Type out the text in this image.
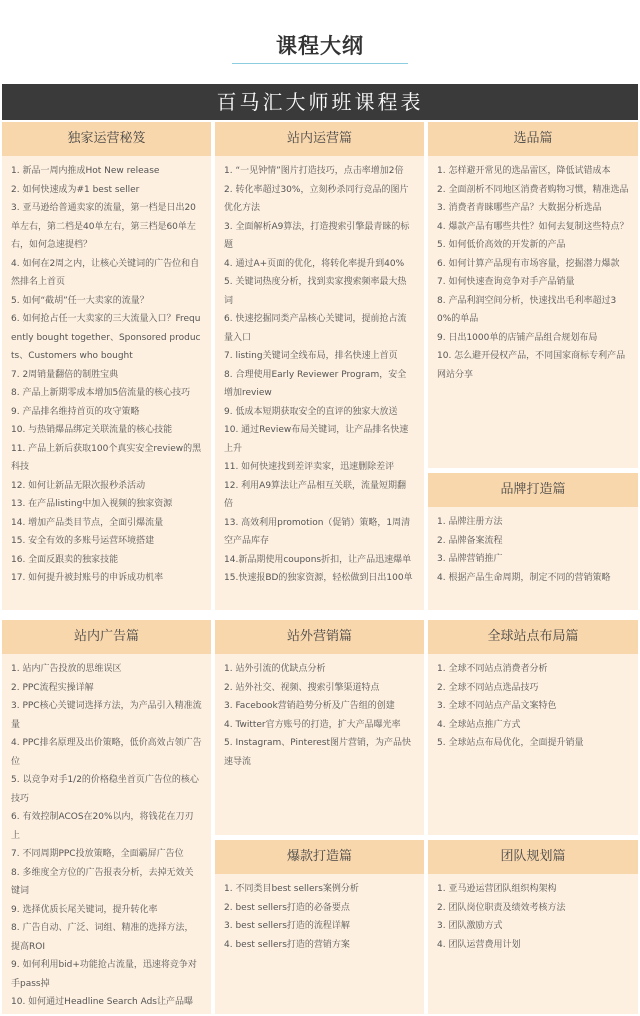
课程大纲
百马汇大师班课程表
独家运营秘笈
1. 新品一周内推成Hot New release
2. 如何快速成为#1 best seller
3. 亚马逊给普通卖家的流量，第一档是日出20单左右，第二档是40单左右，第三档是60单左右，如何急速提档？
4. 如何在2周之内，让核心关键词的广告位和自然排名上首页
5. 如何“截胡”任一大卖家的流量？
6. 如何抢占任一大卖家的三大流量入口？Frequently bought together、Sponsored products、Customers who bought
7. 2周销量翻倍的制胜宝典
8. 产品上新期零成本增加5倍流量的核心技巧
9. 产品排名维持首页的攻守策略
10. 与热销爆品绑定关联流量的核心技能
11. 产品上新后获取100个真实安全review的黑科技
12. 如何让新品无限次报秒杀活动
13. 在产品listing中加入视频的独家资源
14. 增加产品类目节点，全面引爆流量
15. 安全有效的多账号运营环境搭建
16. 全面反跟卖的独家技能
17. 如何提升被封账号的申诉成功机率
站内运营篇
1. “一见钟情”图片打造技巧，点击率增加2倍
2. 转化率超过30%，立刻秒杀同行竞品的图片优化方法
3. 全面解析A9算法，打造搜索引擎最青睐的标题
4. 通过A+页面的优化，将转化率提升到40%
5. 关键词热度分析，找到卖家搜索频率最大热词
6. 快速挖掘同类产品核心关键词，提前抢占流量入口
7. listing关键词全线布局，排名快速上首页
8. 合理使用Early Reviewer Program，安全增加review
9. 低成本短期获取安全的直评的独家大放送
10. 通过Review布局关键词，让产品排名快速上升
11. 如何快速找到差评卖家，迅速删除差评
12. 利用A9算法让产品相互关联，流量短期翻倍
13. 高效利用promotion（促销）策略，1周清空产品库存
14.新品期使用coupons折扣，让产品迅速爆单
15.快速报BD的独家资源，轻松做到日出100单
选品篇
1. 怎样避开常见的选品雷区，降低试错成本
2. 全面剖析不同地区消费者购物习惯，精准选品
3. 消费者青睐哪些产品？大数据分析选品
4. 爆款产品有哪些共性？如何去复制这些特点？
5. 如何低价高效的开发新的产品
6. 如何计算产品现有市场容量，挖掘潜力爆款
7. 如何快速查询竞争对手产品销量
8. 产品利润空间分析，快速找出毛利率超过30%的单品
9. 日出1000单的店铺产品组合规划布局
10. 怎么避开侵权产品，不同国家商标专利产品网站分享
品牌打造篇
1. 品牌注册方法
2. 品牌备案流程
3. 品牌营销推广
4. 根据产品生命周期，制定不同的营销策略
站内广告篇
1. 站内广告投放的思维误区
2. PPC流程实操详解
3. PPC核心关键词选择方法，为产品引入精准流量
4. PPC排名原理及出价策略，低价高效占领广告位
5. 以竞争对手1/2的价格稳坐首页广告位的核心技巧
6. 有效控制ACOS在20%以内，将钱花在刀刃上
7. 不同周期PPC投放策略，全面霸屏广告位
8. 多维度全方位的广告报表分析，去掉无效关键词
9. 选择优质长尾关键词，提升转化率
8. 广告自动、广泛、词组、精准的选择方法，提高ROI
9. 如何利用bid+功能抢占流量，迅速将竞争对手pass掉
10. 如何通过Headline Search Ads让产品曝
站外营销篇
1. 站外引流的优缺点分析
2. 站外社交、视频、搜索引擎渠道特点
3. Facebook营销趋势分析及广告组的创建
4. Twitter官方账号的打造，扩大产品曝光率
5. Instagram、Pinterest图片营销，为产品快速导流
全球站点布局篇
1. 全球不同站点消费者分析
2. 全球不同站点选品技巧
3. 全球不同站点产品文案特色
4. 全球站点推广方式
5. 全球站点布局优化，全面提升销量
爆款打造篇
1. 不同类目best sellers案例分析
2. best sellers打造的必备要点
3. best sellers打造的流程详解
4. best sellers打造的营销方案
团队规划篇
1. 亚马逊运营团队组织构架构
2. 团队岗位职责及绩效考核方法
3. 团队激励方式
4. 团队运营费用计划
